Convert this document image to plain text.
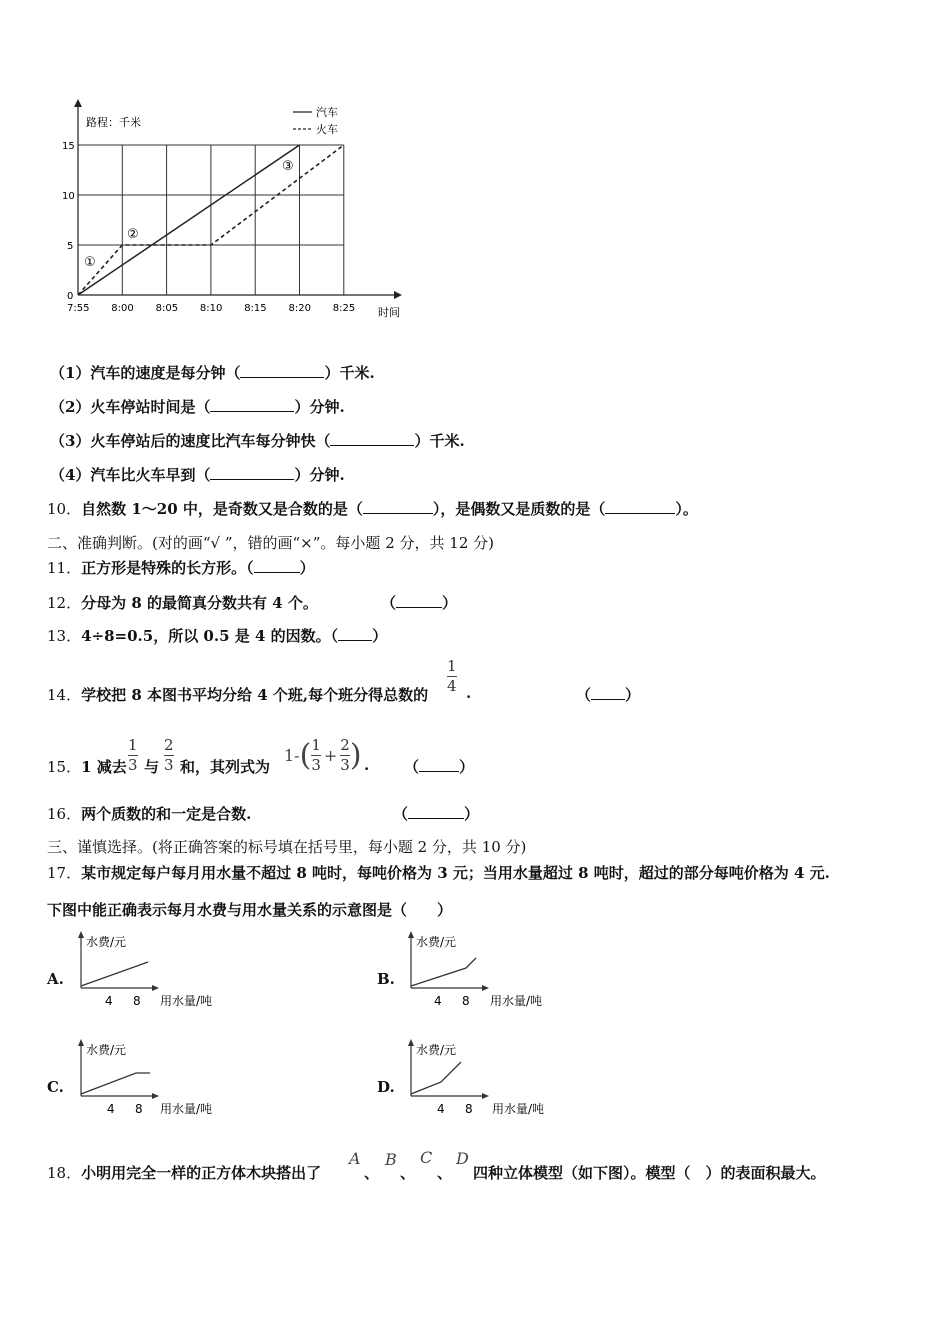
路程：千米
时间
汽车
火车
7:55 8:00 8:05 8:10 8:15 8:20 8:25
0
5
10
15
①
②
③
（1）汽车的速度是每分钟（	）千米.
（2）火车停站时间是（	）分钟.
（3）火车停站后的速度比汽车每分钟快（	）千米.
（4）汽车比火车早到（	）分钟.
10．自然数 1～20 中，是奇数又是合数的是（	），是偶数又是质数的是（	）。
二、准确判断。(对的画“√ ”，错的画“×”。每小题 2 分，共 12 分)
11．正方形是特殊的长方形。（	）
12．分母为 8 的最简真分数共有 4 个。	（	）
13．4÷8=0.5，所以 0.5 是 4 的因数。（ ）
14．学校把 8 本图书平均分给 4 个班,每个班分得总数的 $\frac{1}{4}$ .	（ ）
15．1 减去 $\frac{1}{3}$ 与 $\frac{2}{3}$ 和，其列式为
$1-( \frac{1}{3} + \frac{2}{3}$ ) . （	）
16．两个质数的和一定是合数.	（	）
三、谨慎选择。(将正确答案的标号填在括号里，每小题 2 分，共 10 分)
17．某市规定每户每月用水量不超过 8 吨时，每吨价格为 3 元；当用水量超过 8 吨时，超过的部分每吨价格为 4 元.
下图中能正确表示每月水费与用水量关系的示意图是（　　）
A.
水费/元
4 8 用水量/吨
B.
水费/元
4 8 用水量/吨
C.
水费/元
4 8 用水量/吨
D.
水费/元
4 8 用水量/吨
18．小明用完全一样的正方体木块搭出了
A
、
B
、
C
、
D
四种立体模型（如下图）。模型（　）的表面积最大。
